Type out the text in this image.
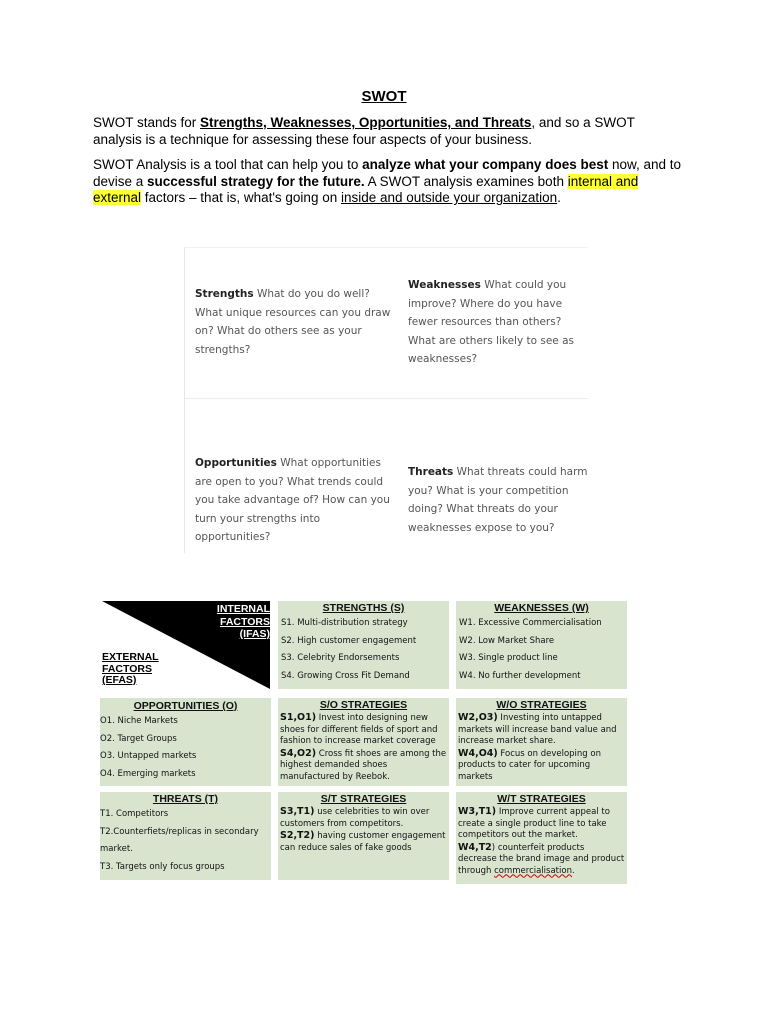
SWOT
SWOT stands for Strengths, Weaknesses, Opportunities, and Threats, and so a SWOT analysis is a technique for assessing these four aspects of your business.
SWOT Analysis is a tool that can help you to analyze what your company does best now, and to devise a successful strategy for the future. A SWOT analysis examines both internal and external factors – that is, what's going on inside and outside your organization.
Strengths What do you do well? What unique resources can you draw on? What do others see as your strengths?
Weaknesses What could you improve? Where do you have fewer resources than others? What are others likely to see as weaknesses?
Opportunities What opportunities are open to you? What trends could you take advantage of? How can you turn your strengths into opportunities?
Threats What threats could harm you? What is your competition doing? What threats do your weaknesses expose to you?
INTERNAL
FACTORS
(IFAS)
EXTERNAL
FACTORS
(EFAS)
STRENGTHS (S)
S1. Multi-distribution strategy
S2. High customer engagement
S3. Celebrity Endorsements
S4. Growing Cross Fit Demand
WEAKNESSES (W)
W1. Excessive Commercialisation
W2. Low Market Share
W3. Single product line
W4. No further development
OPPORTUNITIES (O)
O1. Niche Markets
O2. Target Groups
O3. Untapped markets
O4. Emerging markets
S/O STRATEGIES
S1,O1) Invest into designing new shoes for different fields of sport and fashion to increase market coverage
S4,O2) Cross fit shoes are among the highest demanded shoes manufactured by Reebok.
W/O STRATEGIES
W2,O3) Investing into untapped markets will increase band value and increase market share.
W4,O4) Focus on developing on products to cater for upcoming markets
THREATS (T)
T1. Competitors
T2.Counterfiets/replicas in secondary market.
T3. Targets only focus groups
S/T STRATEGIES
S3,T1) use celebrities to win over customers from competitors.
S2,T2) having customer engagement can reduce sales of fake goods
W/T STRATEGIES
W3,T1) Improve current appeal to create a single product line to take competitors out the market.
W4,T2) counterfeit products decrease the brand image and product through commercialisation.
